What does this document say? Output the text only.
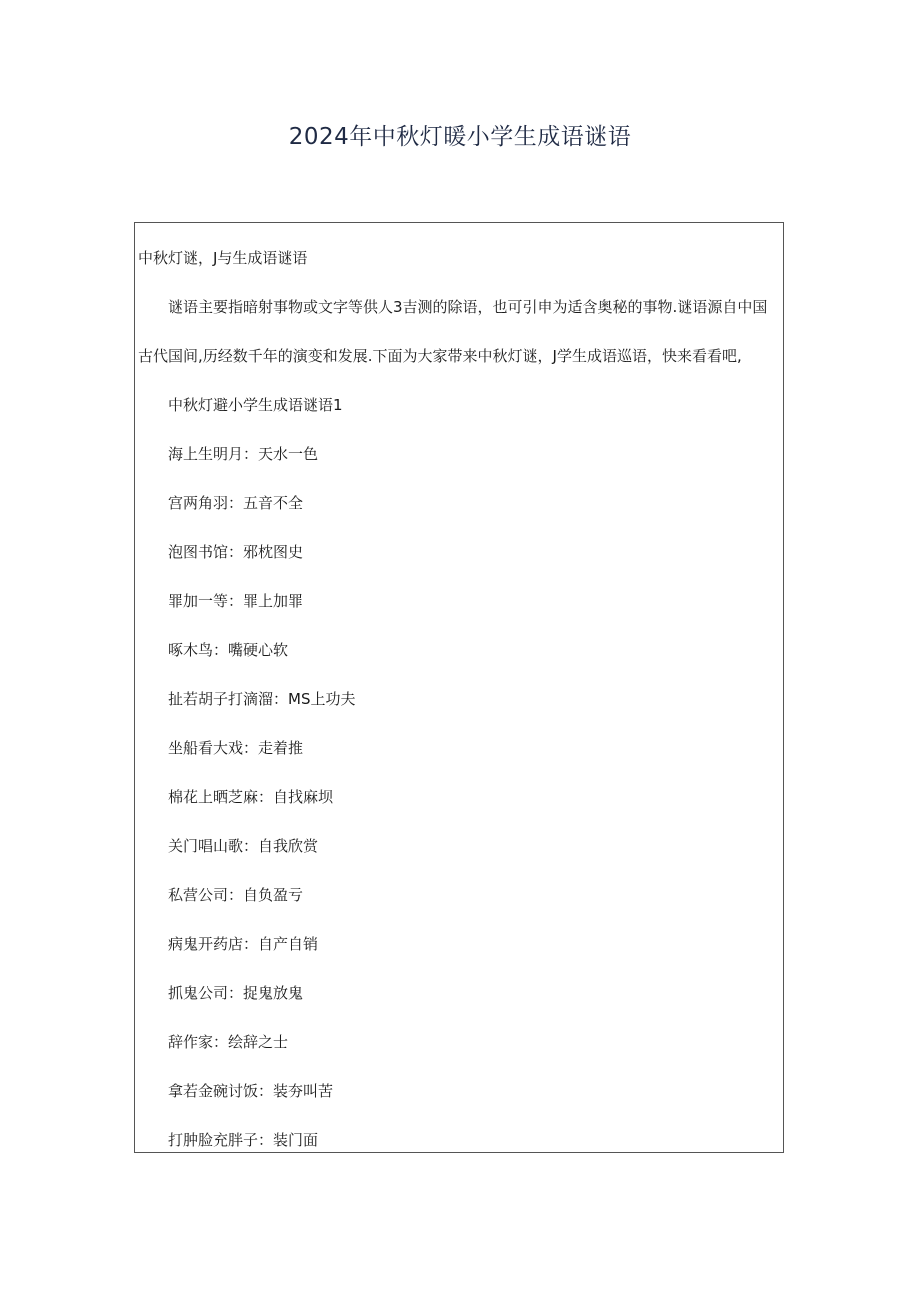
2024年中秋灯暖小学生成语谜语
中秋灯谜，J与生成语谜语
谜语主要指暗射事物或文字等供人3吉测的除语，也可引申为适含奥秘的事物.谜语源自中国
古代国间,历经数千年的演变和发展.下面为大家带来中秋灯谜，J学生成语巡语，快来看看吧,
中秋灯避小学生成语谜语1
海上生明月：天水一色
宫两角羽：五音不全
泡图书馆：邪枕图史
罪加一等：罪上加罪
啄木鸟：嘴硬心软
扯若胡子打滴溜：MS上功夫
坐船看大戏：走着推
棉花上晒芝麻：自找麻坝
关门唱山歌：自我欣赏
私营公司：自负盈亏
病鬼开药店：自产自销
抓鬼公司：捉鬼放鬼
辞作家：绘辞之士
拿若金碗讨饭：装夯叫苦
打肿脸充胖子：装门面
